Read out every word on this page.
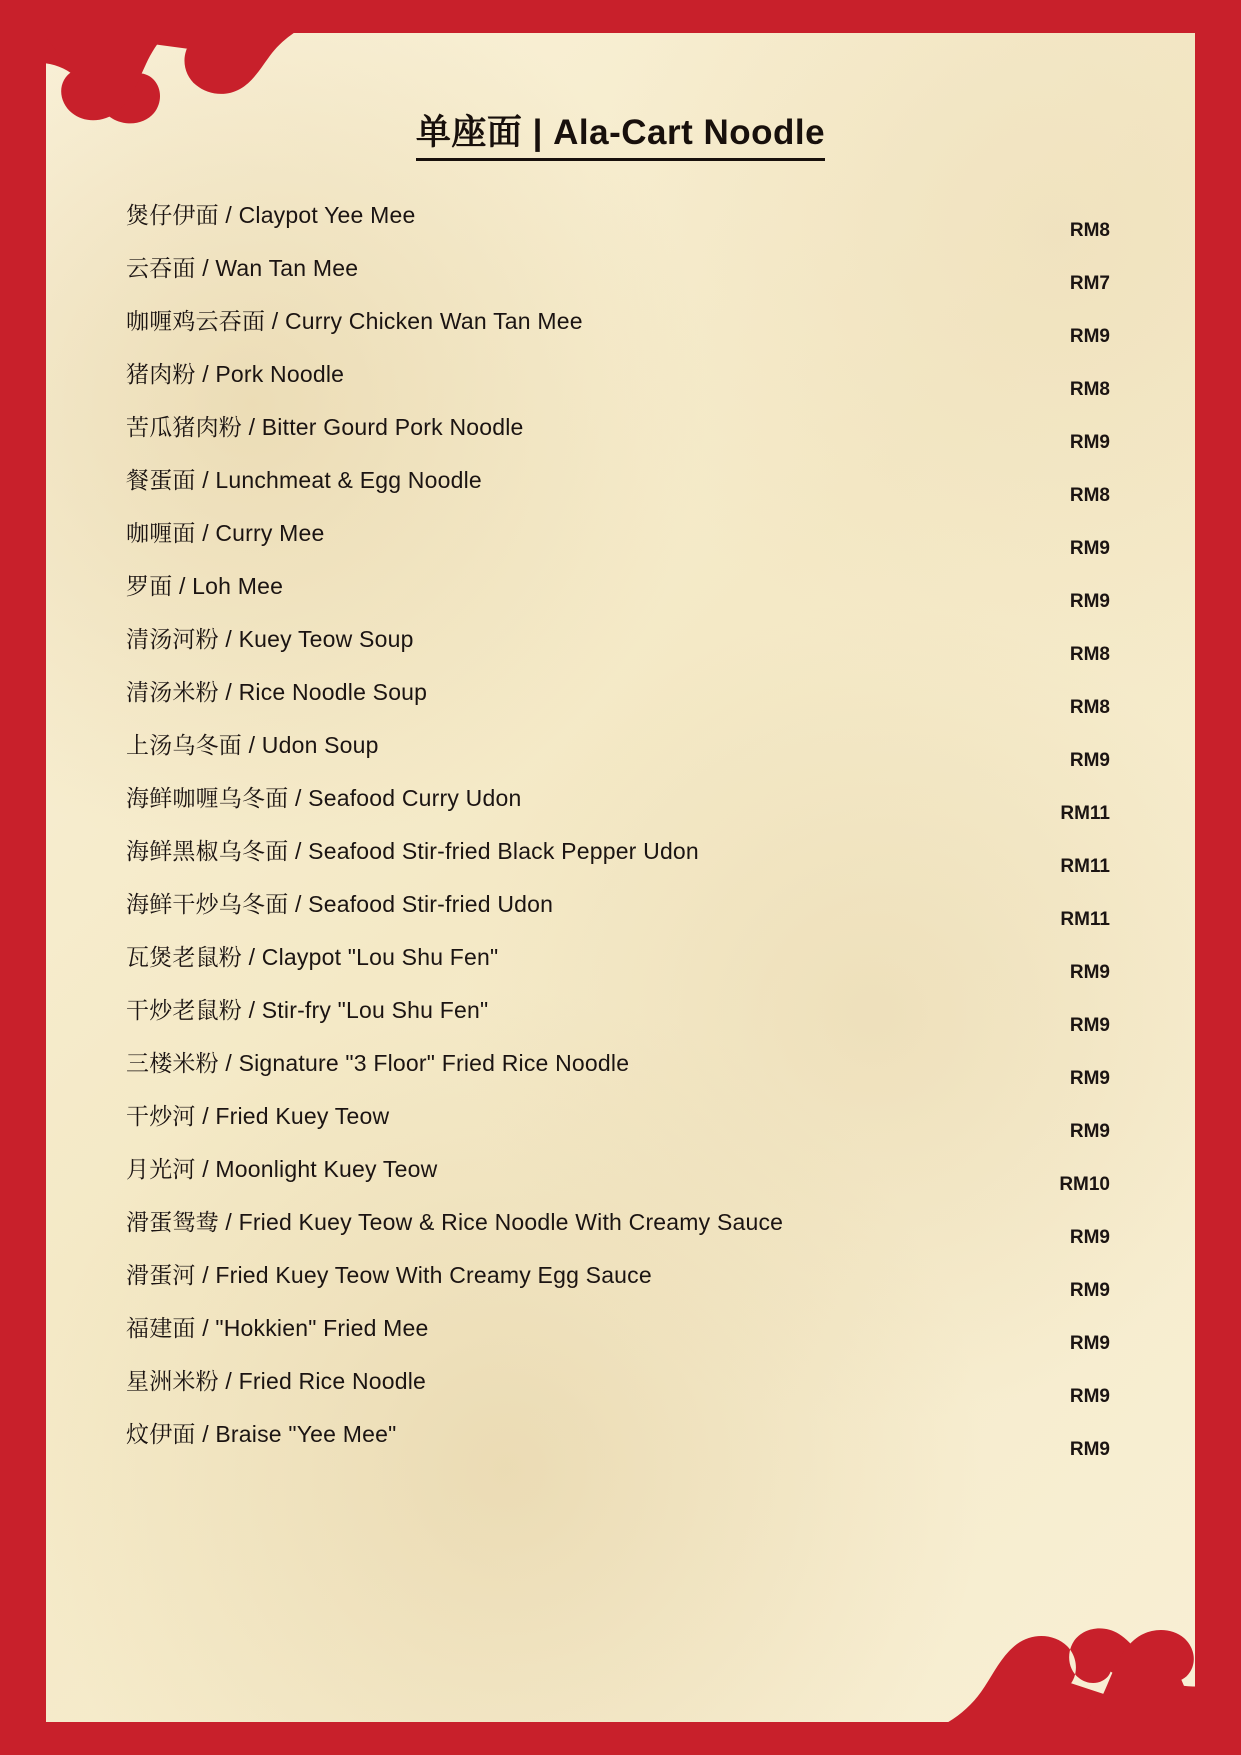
单座面 | Ala-Cart Noodle
煲仔伊面 / Claypot Yee Mee
RM8
云吞面 / Wan Tan Mee
RM7
咖喱鸡云吞面 / Curry Chicken Wan Tan Mee
RM9
猪肉粉 / Pork Noodle
RM8
苦瓜猪肉粉 / Bitter Gourd Pork Noodle
RM9
餐蛋面 / Lunchmeat & Egg Noodle
RM8
咖喱面 / Curry Mee
RM9
罗面 / Loh Mee
RM9
清汤河粉 / Kuey Teow Soup
RM8
清汤米粉 / Rice Noodle Soup
RM8
上汤乌冬面 / Udon Soup
RM9
海鲜咖喱乌冬面 / Seafood Curry Udon
RM11
海鲜黑椒乌冬面 / Seafood Stir-fried Black Pepper Udon
RM11
海鲜干炒乌冬面 / Seafood Stir-fried Udon
RM11
瓦煲老鼠粉 / Claypot "Lou Shu Fen"
RM9
干炒老鼠粉 / Stir-fry "Lou Shu Fen"
RM9
三楼米粉 / Signature "3 Floor" Fried Rice Noodle
RM9
干炒河 / Fried Kuey Teow
RM9
月光河 / Moonlight Kuey Teow
RM10
滑蛋鸳鸯 / Fried Kuey Teow & Rice Noodle With Creamy Sauce
RM9
滑蛋河 / Fried Kuey Teow With Creamy Egg Sauce
RM9
福建面 / "Hokkien" Fried Mee
RM9
星洲米粉 / Fried Rice Noodle
RM9
炆伊面 / Braise "Yee Mee"
RM9
